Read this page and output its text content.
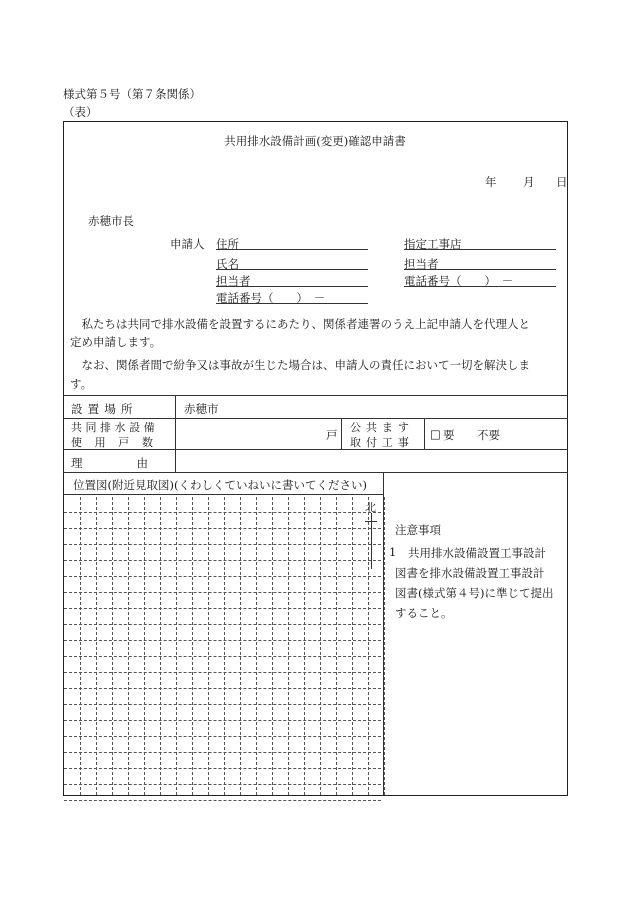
様式第５号（第７条関係）
（表）
共用排水設備計画(変更)確認申請書
年 月 日
赤穂市長
申請人 住所
氏名
担当者
電話番号（　　）　－
指定工事店
担当者
電話番号（　　）　－
　私たちは共同で排水設備を設置するにあたり、関係者連署のうえ上記申請人を代理人と
定め申請します。
　なお、関係者間で紛争又は事故が生じた場合は、申請人の責任において一切を解決しま
す。
設置場所	赤穂市
共同排水設備
使用戸数
戸
公共ます
取付工事
□ 要 不要
理由
位置図(附近見取図)(くわしくていねいに書いてください)
北
注意事項
1 共用排水設備設置工事設計
図書を排水設備設置工事設計
図書(様式第４号)に準じて提出
すること。
